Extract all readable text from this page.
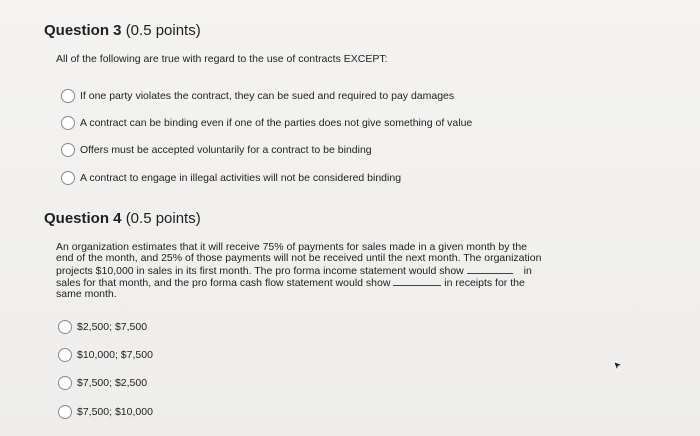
Question 3 (0.5 points)
All of the following are true with regard to the use of contracts EXCEPT:
If one party violates the contract, they can be sued and required to pay damages
A contract can be binding even if one of the parties does not give something of value
Offers must be accepted voluntarily for a contract to be binding
A contract to engage in illegal activities will not be considered binding
Question 4 (0.5 points)
An organization estimates that it will receive 75% of payments for sales made in a given month by the
end of the month, and 25% of those payments will not be received until the next month. The organization
projects $10,000 in sales in its first month. The pro forma income statement would show	in
sales for that month, and the pro forma cash flow statement would show	in receipts for the
same month.
$2,500; $7,500
$10,000; $7,500
$7,500; $2,500
$7,500; $10,000
